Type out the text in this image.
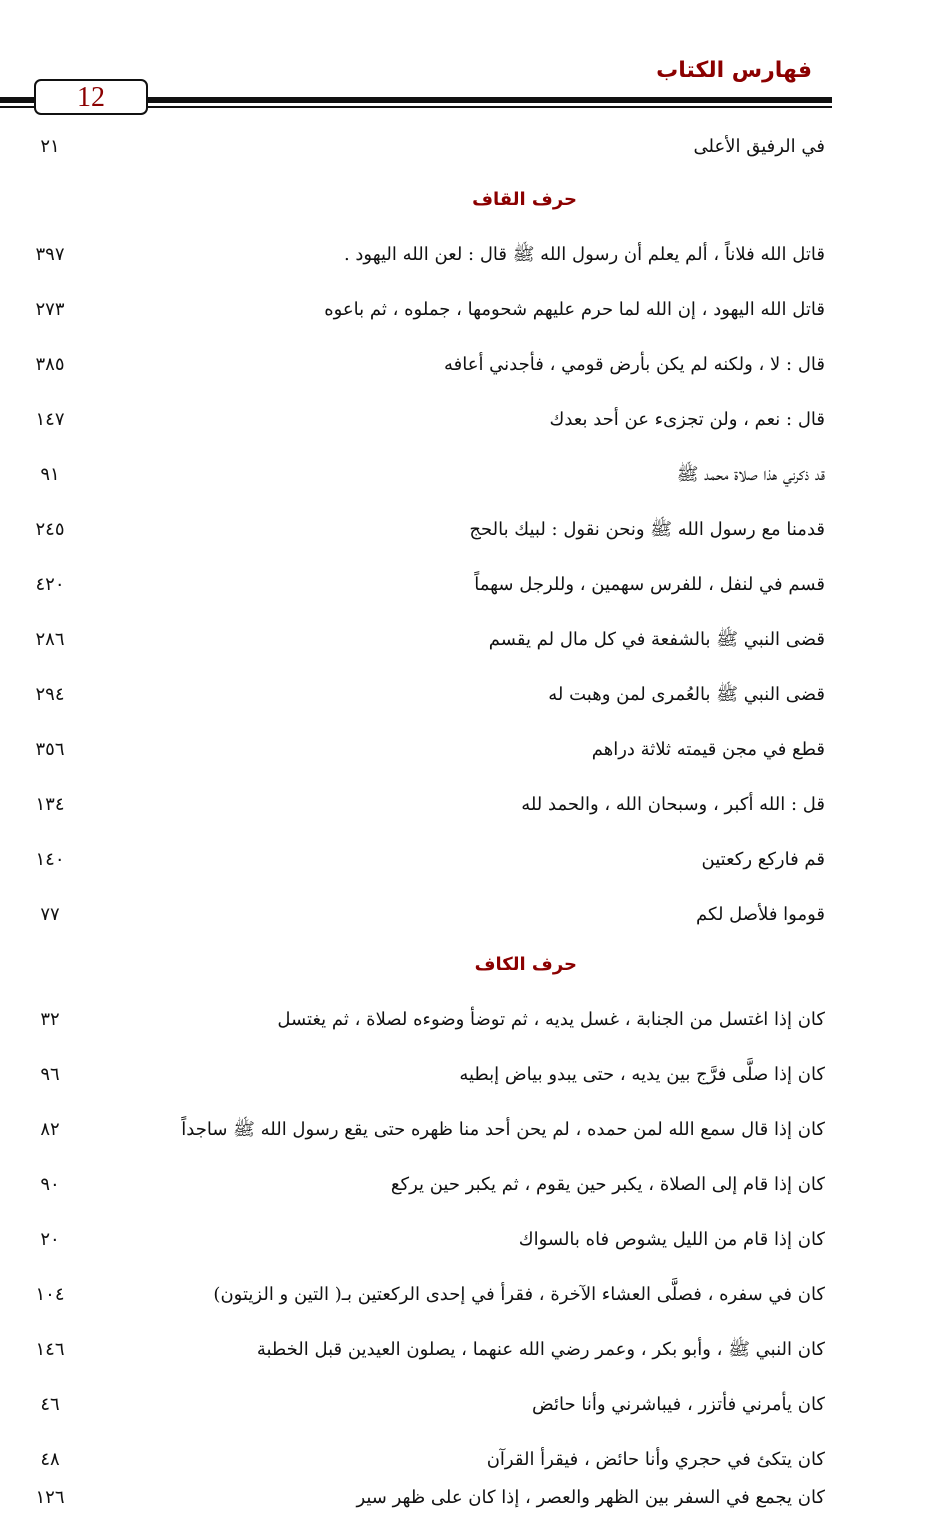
فهارس الكتاب
12
في الرفيق الأعلى
٢١
حرف القاف
قاتل الله فلاناً ، ألم يعلم أن رسول الله ﷺ قال : لعن الله اليهود .
٣٩٧
قاتل الله اليهود ، إن الله لما حرم عليهم شحومها ، جملوه ، ثم باعوه
٢٧٣
قال : لا ، ولكنه لم يكن بأرض قومي ، فأجدني أعافه
٣٨٥
قال : نعم ، ولن تجزىء عن أحد بعدك
١٤٧
قد ذكرني هذا صلاة محمد ﷺ
٩١
قدمنا مع رسول الله ﷺ ونحن نقول : لبيك بالحج
٢٤٥
قسم في لنفل ، للفرس سهمين ، وللرجل سهماً
٤٢٠
قضى النبي ﷺ بالشفعة في كل مال لم يقسم
٢٨٦
قضى النبي ﷺ بالعُمرى لمن وهبت له
٢٩٤
قطع في مجن قيمته ثلاثة دراهم
٣٥٦
قل : الله أكبر ، وسبحان الله ، والحمد لله
١٣٤
قم فاركع ركعتين
١٤٠
قوموا فلأصل لكم
٧٧
حرف الكاف
كان إذا اغتسل من الجنابة ، غسل يديه ، ثم توضأ وضوءه لصلاة ، ثم يغتسل
٣٢
كان إذا صلَّى فرَّج بين يديه ، حتى يبدو بياض إبطيه
٩٦
كان إذا قال سمع الله لمن حمده ، لم يحن أحد منا ظهره حتى يقع رسول الله ﷺ ساجداً
٨٢
كان إذا قام إلى الصلاة ، يكبر حين يقوم ، ثم يكبر حين يركع
٩٠
كان إذا قام من الليل يشوص فاه بالسواك
٢٠
كان في سفره ، فصلَّى العشاء الآخرة ، فقرأ في إحدى الركعتين بـ( التين و الزيتون)
١٠٤
كان النبي ﷺ ، وأبو بكر ، وعمر رضي الله عنهما ، يصلون العيدين قبل الخطبة
١٤٦
كان يأمرني فأتزر ، فيباشرني وأنا حائض
٤٦
كان يتكئ في حجري وأنا حائض ، فيقرأ القرآن
٤٨
كان يجمع في السفر بين الظهر والعصر ، إذا كان على ظهر سير
١٢٦
